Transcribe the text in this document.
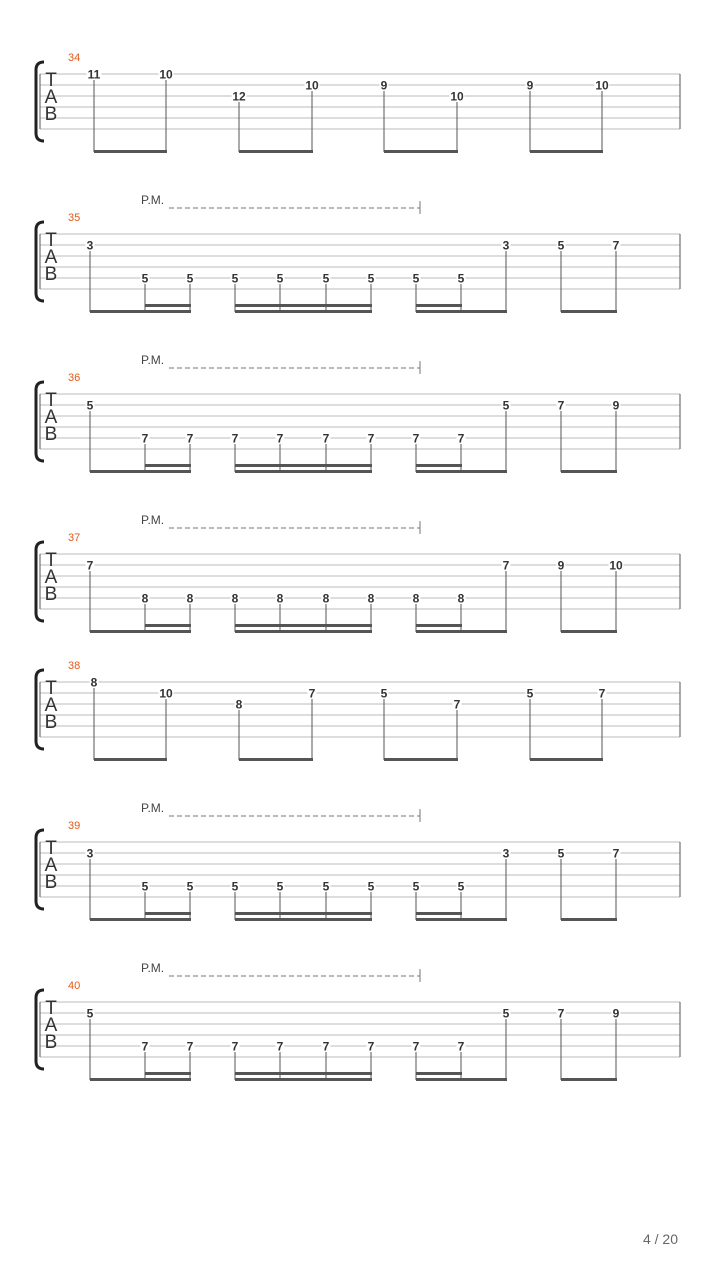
T
A
B
34
11	10
12
10	9
10
9	10
T
A
B
35
P.M.
3
5	5	5	5	5	5	5	5
3	5	7
T
A
B
36
P.M.
5
7	7	7	7	7	7	7	7
5	7	9
T
A
B
37
P.M.
7
8	8	8	8	8	8	8	8
7	9	10
T
A
B
38
8
10
8
7	5
7
5	7
T
A
B
39
P.M.
3
5	5	5	5	5	5	5	5
3	5	7
T
A
B
40
P.M.
5
7	7	7	7	7	7	7	7
5	7	9
4 / 20
